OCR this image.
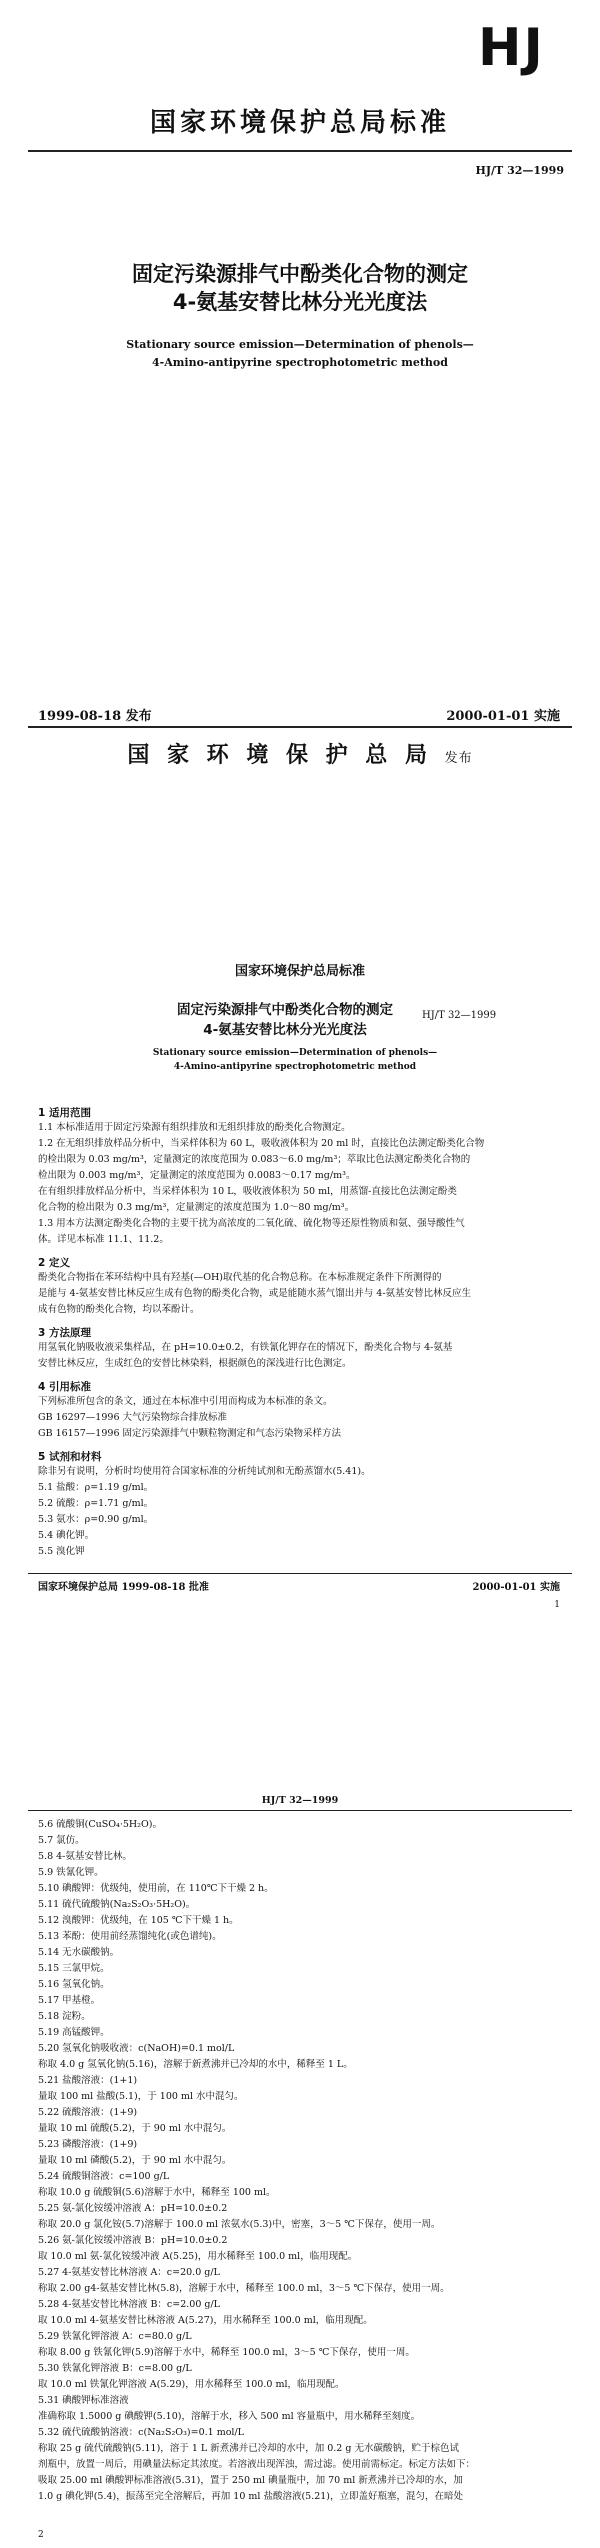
HJ
国家环境保护总局标准
HJ/T 32—1999
固定污染源排气中酚类化合物的测定
4-氨基安替比林分光光度法
Stationary source emission—Determination of phenols—
4-Amino-antipyrine spectrophotometric method
1999-08-18 发布	2000-01-01 实施
国 家 环 境 保 护 总 局 发布
国家环境保护总局标准
固定污染源排气中酚类化合物的测定
4-氨基安替比林分光光度法
HJ/T 32—1999
Stationary source emission—Determination of phenols—
4-Amino-antipyrine spectrophotometric method
1 适用范围
1.1 本标准适用于固定污染源有组织排放和无组织排放的酚类化合物测定。
1.2 在无组织排放样品分析中，当采样体积为 60 L，吸收液体积为 20 ml 时，直接比色法测定酚类化合物
的检出限为 0.03 mg/m³，定量测定的浓度范围为 0.083～6.0 mg/m³；萃取比色法测定酚类化合物的
检出限为 0.003 mg/m³，定量测定的浓度范围为 0.0083～0.17 mg/m³。
在有组织排放样品分析中，当采样体积为 10 L，吸收液体积为 50 ml，用蒸馏-直接比色法测定酚类
化合物的检出限为 0.3 mg/m³，定量测定的浓度范围为 1.0～80 mg/m³。
1.3 用本方法测定酚类化合物的主要干扰为高浓度的二氧化硫、硫化物等还原性物质和氨、强导酸性气
体。详见本标准 11.1、11.2。
2 定义
酚类化合物指在苯环结构中具有羟基(—OH)取代基的化合物总称。在本标准规定条件下所测得的
是能与 4-氨基安替比林反应生成有色物的酚类化合物，或是能随水蒸气馏出并与 4-氨基安替比林反应生
成有色物的酚类化合物，均以苯酚计。
3 方法原理
用氢氧化钠吸收液采集样品，在 pH=10.0±0.2，有铁氰化钾存在的情况下，酚类化合物与 4-氨基
安替比林反应，生成红色的安替比林染料，根据颜色的深浅进行比色测定。
4 引用标准
下列标准所包含的条文，通过在本标准中引用而构成为本标准的条文。
GB 16297—1996 大气污染物综合排放标准
GB 16157—1996 固定污染源排气中颗粒物测定和气态污染物采样方法
5 试剂和材料
除非另有说明，分析时均使用符合国家标准的分析纯试剂和无酚蒸馏水(5.41)。
5.1 盐酸：ρ=1.19 g/ml。
5.2 硫酸：ρ=1.71 g/ml。
5.3 氨水：ρ=0.90 g/ml。
5.4 碘化钾。
5.5 溴化钾
国家环境保护总局 1999-08-18 批准	2000-01-01 实施
1
HJ/T 32—1999
5.6 硫酸铜(CuSO₄·5H₂O)。
5.7 氯仿。
5.8 4-氨基安替比林。
5.9 铁氰化钾。
5.10 碘酸钾：优级纯，使用前，在 110℃下干燥 2 h。
5.11 硫代硫酸钠(Na₂S₂O₃·5H₂O)。
5.12 溴酸钾：优级纯，在 105 ℃下干燥 1 h。
5.13 苯酚：使用前经蒸馏纯化(或色谱纯)。
5.14 无水碳酸钠。
5.15 三氯甲烷。
5.16 氢氧化钠。
5.17 甲基橙。
5.18 淀粉。
5.19 高锰酸钾。
5.20 氢氧化钠吸收液：c(NaOH)=0.1 mol/L
称取 4.0 g 氢氧化钠(5.16)，溶解于新煮沸并已冷却的水中，稀释至 1 L。
5.21 盐酸溶液：(1+1)
量取 100 ml 盐酸(5.1)，于 100 ml 水中混匀。
5.22 硫酸溶液：(1+9)
量取 10 ml 硫酸(5.2)，于 90 ml 水中混匀。
5.23 磷酸溶液：(1+9)
量取 10 ml 磷酸(5.2)，于 90 ml 水中混匀。
5.24 硫酸铜溶液：c=100 g/L
称取 10.0 g 硫酸铜(5.6)溶解于水中，稀释至 100 ml。
5.25 氨-氯化铵缓冲溶液 A：pH=10.0±0.2
称取 20.0 g 氯化铵(5.7)溶解于 100.0 ml 浓氨水(5.3)中，密塞，3～5 ℃下保存，使用一周。
5.26 氨-氯化铵缓冲溶液 B：pH=10.0±0.2
取 10.0 ml 氨-氯化铵缓冲液 A(5.25)，用水稀释至 100.0 ml，临用现配。
5.27 4-氨基安替比林溶液 A：c=20.0 g/L
称取 2.00 g4-氨基安替比林(5.8)，溶解于水中，稀释至 100.0 ml，3～5 ℃下保存，使用一周。
5.28 4-氨基安替比林溶液 B：c=2.00 g/L
取 10.0 ml 4-氨基安替比林溶液 A(5.27)，用水稀释至 100.0 ml，临用现配。
5.29 铁氰化钾溶液 A：c=80.0 g/L
称取 8.00 g 铁氰化钾(5.9)溶解于水中，稀释至 100.0 ml，3～5 ℃下保存，使用一周。
5.30 铁氰化钾溶液 B：c=8.00 g/L
取 10.0 ml 铁氰化钾溶液 A(5.29)，用水稀释至 100.0 ml，临用现配。
5.31 碘酸钾标准溶液
准确称取 1.5000 g 碘酸钾(5.10)，溶解于水，移入 500 ml 容量瓶中，用水稀释至刻度。
5.32 硫代硫酸钠溶液：c(Na₂S₂O₃)=0.1 mol/L
称取 25 g 硫代硫酸钠(5.11)，溶于 1 L 新煮沸并已冷却的水中，加 0.2 g 无水碳酸钠，贮于棕色试
剂瓶中，放置一周后，用碘量法标定其浓度。若溶液出现浑浊，需过滤。使用前需标定。标定方法如下：
吸取 25.00 ml 碘酸钾标准溶液(5.31)，置于 250 ml 碘量瓶中，加 70 ml 新煮沸并已冷却的水，加
1.0 g 碘化钾(5.4)，振荡至完全溶解后，再加 10 ml 盐酸溶液(5.21)，立即盖好瓶塞，混匀，在暗处
2
